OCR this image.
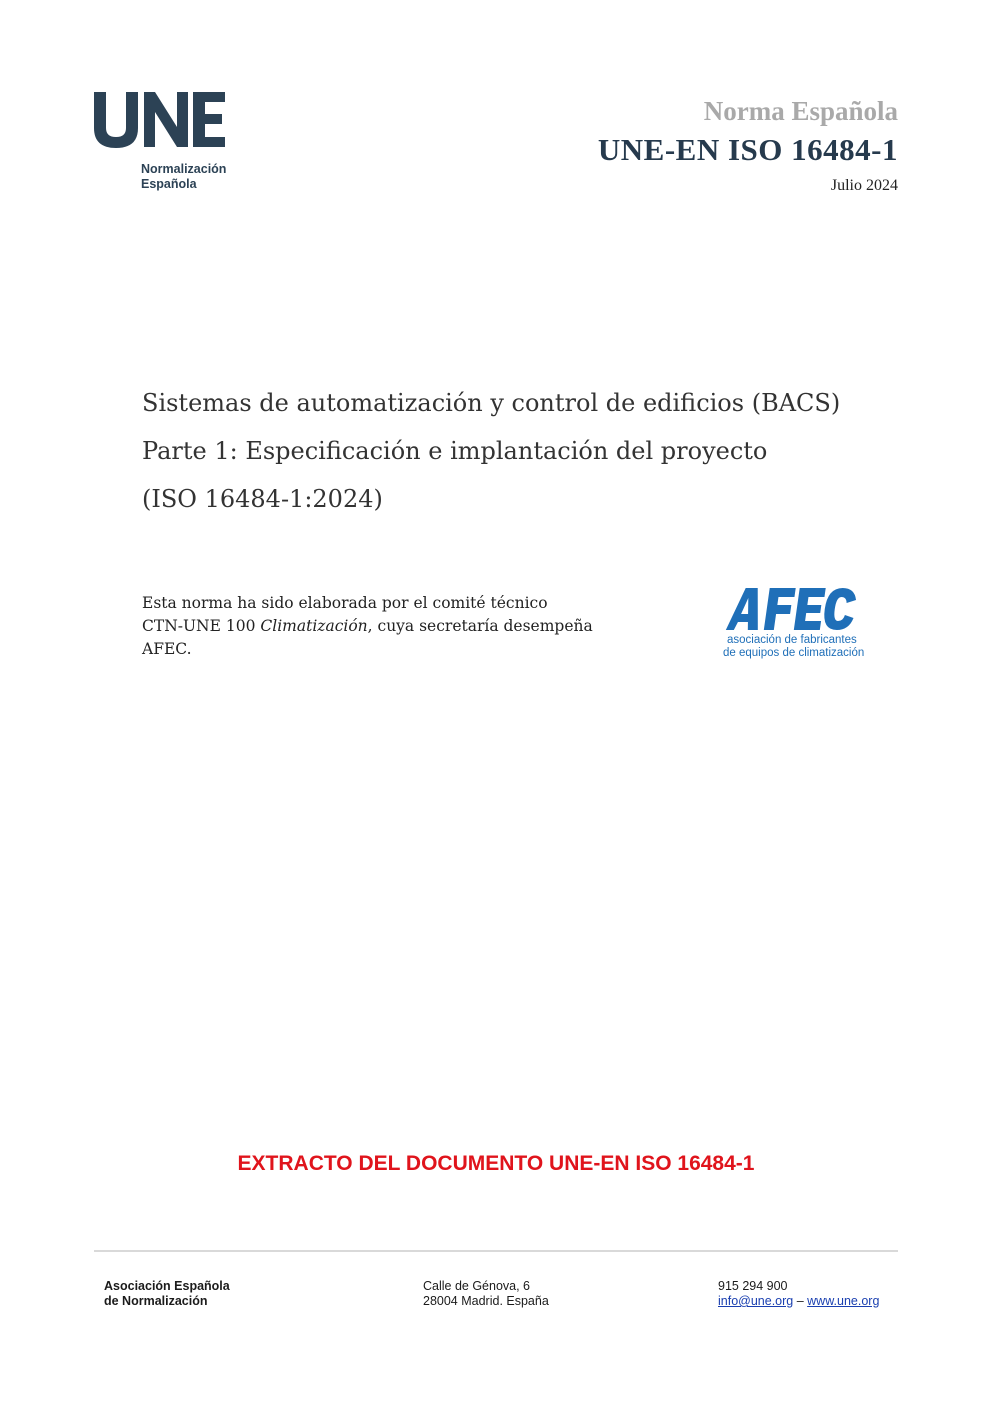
Normalización
Española
Norma Española
UNE-EN ISO 16484-1
Julio 2024
Sistemas de automatización y control de edificios (BACS)
Parte 1: Especificación e implantación del proyecto
(ISO 16484-1:2024)
Esta norma ha sido elaborada por el comité técnico
CTN-UNE 100 Climatización, cuya secretaría desempeña
AFEC.	asociación de fabricantes
de equipos de climatización
EXTRACTO DEL DOCUMENTO UNE-EN ISO 16484-1
Asociación Española
de Normalización
Calle de Génova, 6
28004 Madrid. España
915 294 900
info@une.org – www.une.org
